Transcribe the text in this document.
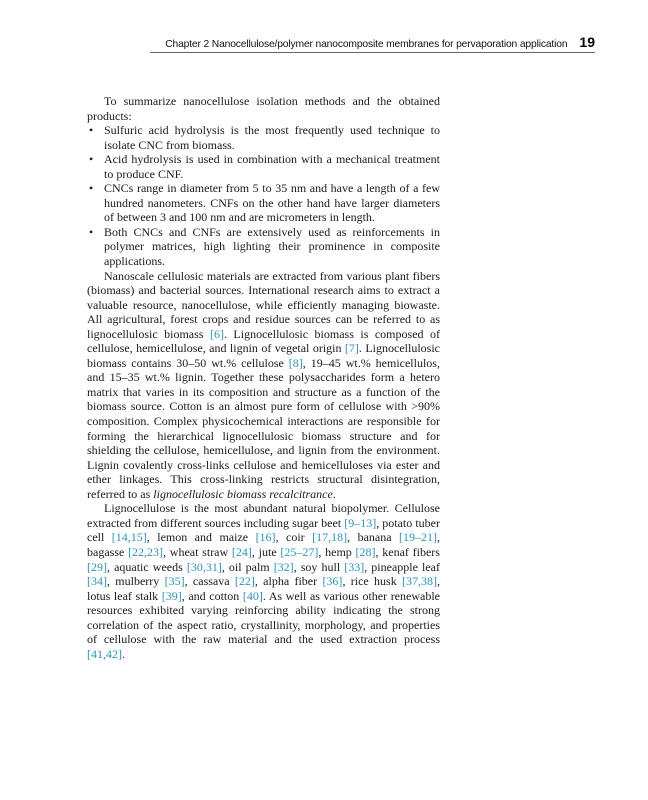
Chapter 2 Nanocellulose/polymer nanocomposite membranes for pervaporation application 19

To summarize nanocellulose isolation methods and the obtained products:

• Sulfuric acid hydrolysis is the most frequently used technique to isolate CNC from biomass.
• Acid hydrolysis is used in combination with a mechanical treatment to produce CNF.
• CNCs range in diameter from 5 to 35 nm and have a length of a few hundred nanometers. CNFs on the other hand have larger diameters of between 3 and 100 nm and are micrometers in length.
• Both CNCs and CNFs are extensively used as reinforcements in polymer matrices, high lighting their prominence in composite applications.

Nanoscale cellulosic materials are extracted from various plant fibers (biomass) and bacterial sources. International research aims to extract a valuable resource, nanocellulose, while efficiently managing biowaste. All agricultural, forest crops and residue sources can be referred to as lignocellulosic biomass [6]. Lignocellulosic biomass is composed of cellulose, hemicellulose, and lignin of vegetal origin [7]. Lignocellulosic biomass contains 30–50 wt.% cellulose [8], 19–45 wt.% hemicellulos, and 15–35 wt.% lignin. Together these polysaccharides form a hetero matrix that varies in its composition and structure as a function of the biomass source. Cotton is an almost pure form of cellulose with >90% composition. Complex physicochemical interactions are responsible for forming the hierarchical lignocellulosic biomass structure and for shielding the cellulose, hemicellulose, and lignin from the environment. Lignin covalently cross-links cellulose and hemicelluloses via ester and ether linkages. This cross-linking restricts structural disintegration, referred to as lignocellulosic biomass recalcitrance.

Lignocellulose is the most abundant natural biopolymer. Cellulose extracted from different sources including sugar beet [9–13], potato tuber cell [14,15], lemon and maize [16], coir [17,18], banana [19–21], bagasse [22,23], wheat straw [24], jute [25–27], hemp [28], kenaf fibers [29], aquatic weeds [30,31], oil palm [32], soy hull [33], pineapple leaf [34], mulberry [35], cassava [22], alpha fiber [36], rice husk [37,38], lotus leaf stalk [39], and cotton [40]. As well as various other renewable resources exhibited varying reinforcing ability indicating the strong correlation of the aspect ratio, crystallinity, morphology, and properties of cellulose with the raw material and the used extraction process [41,42].
